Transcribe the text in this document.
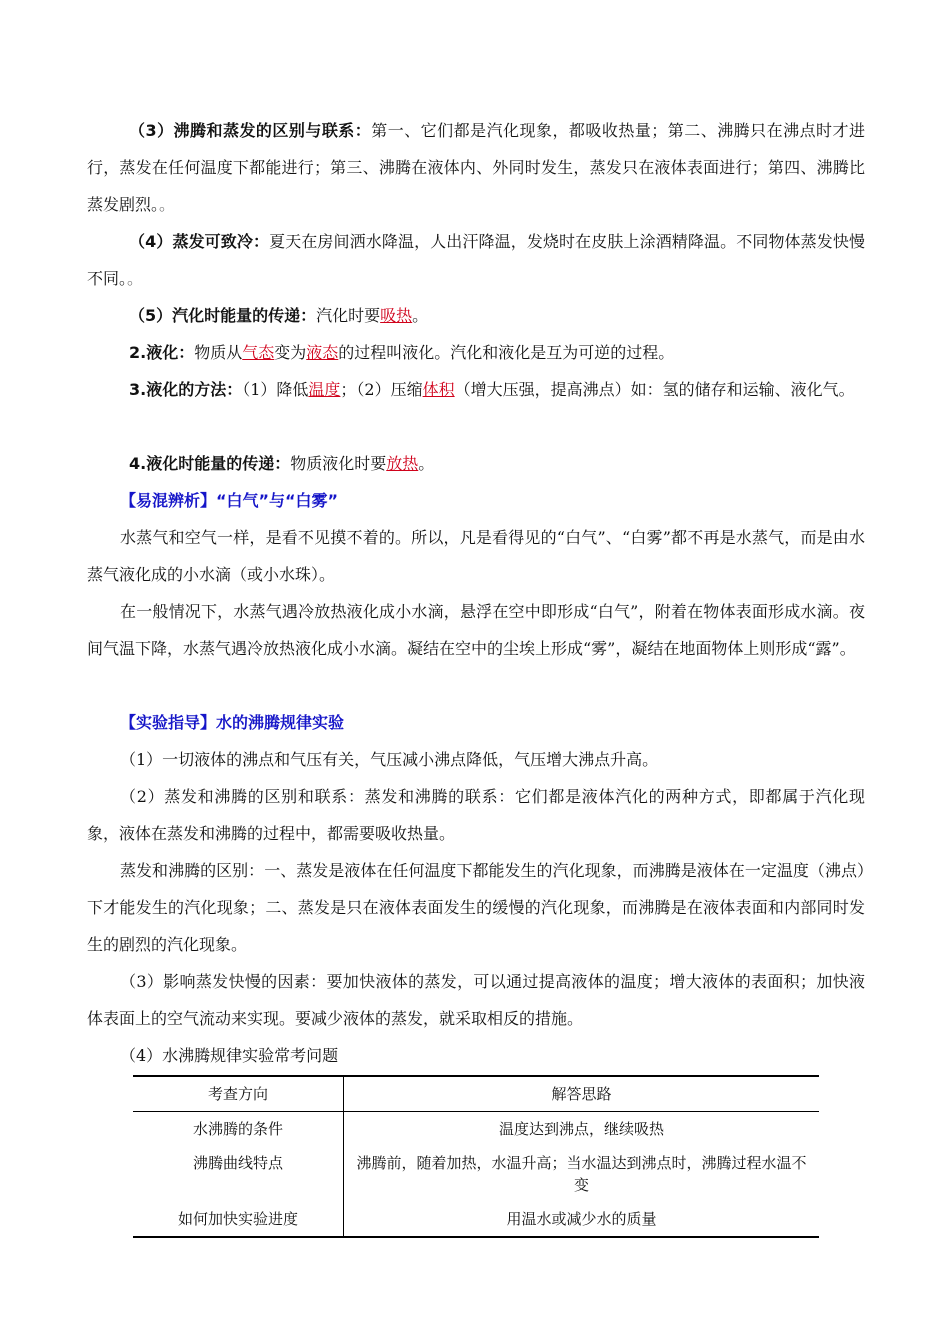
（3）沸腾和蒸发的区别与联系：第一、它们都是汽化现象，都吸收热量；第二、沸腾只在沸点时才进行，蒸发在任何温度下都能进行；第三、沸腾在液体内、外同时发生，蒸发只在液体表面进行；第四、沸腾比蒸发剧烈。。

（4）蒸发可致冷：夏天在房间洒水降温，人出汗降温，发烧时在皮肤上涂酒精降温。不同物体蒸发快慢不同。。

（5）汽化时能量的传递：汽化时要吸热。

2.液化：物质从气态变为液态的过程叫液化。汽化和液化是互为可逆的过程。

3.液化的方法：（1）降低温度；（2）压缩体积（增大压强，提高沸点）如：氢的储存和运输、液化气。

4.液化时能量的传递：物质液化时要放热。

【易混辨析】“白气”与“白雾”

水蒸气和空气一样，是看不见摸不着的。所以，凡是看得见的“白气”、“白雾”都不再是水蒸气，而是由水蒸气液化成的小水滴（或小水珠）。

在一般情况下，水蒸气遇冷放热液化成小水滴，悬浮在空中即形成“白气”，附着在物体表面形成水滴。夜间气温下降，水蒸气遇冷放热液化成小水滴。凝结在空中的尘埃上形成“雾”，凝结在地面物体上则形成“露”。

【实验指导】水的沸腾规律实验

（1）一切液体的沸点和气压有关，气压减小沸点降低，气压增大沸点升高。

（2）蒸发和沸腾的区别和联系：蒸发和沸腾的联系：它们都是液体汽化的两种方式，即都属于汽化现象，液体在蒸发和沸腾的过程中，都需要吸收热量。

蒸发和沸腾的区别：一、蒸发是液体在任何温度下都能发生的汽化现象，而沸腾是液体在一定温度（沸点）下才能发生的汽化现象；二、蒸发是只在液体表面发生的缓慢的汽化现象，而沸腾是在液体表面和内部同时发生的剧烈的汽化现象。

（3）影响蒸发快慢的因素：要加快液体的蒸发，可以通过提高液体的温度；增大液体的表面积；加快液体表面上的空气流动来实现。要减少液体的蒸发，就采取相反的措施。

（4）水沸腾规律实验常考问题

考查方向	解答思路
水沸腾的条件	温度达到沸点，继续吸热
沸腾曲线特点	沸腾前，随着加热，水温升高；当水温达到沸点时，沸腾过程水温不变
如何加快实验进度	用温水或减少水的质量
